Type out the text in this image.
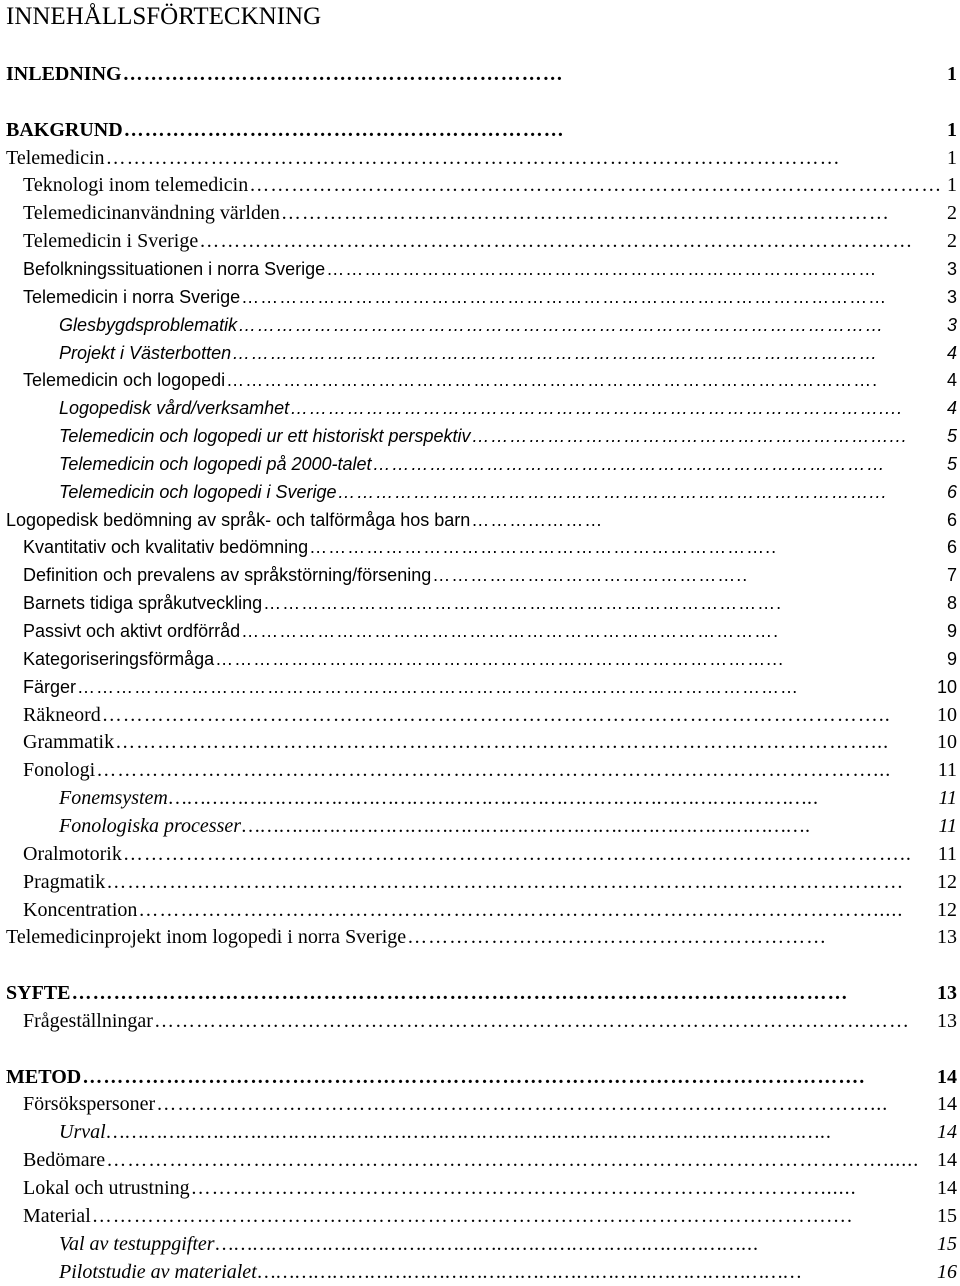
INNEHÅLLSFÖRTECKNING
INLEDNING ………………………………………………………	1
BAKGRUND ………………………………………………………	1
Telemedicin ……………………………………………………………………………………………	1
Teknologi inom telemedicin ……………………………………………………………………………………… 1
Telemedicinanvändning världen ……………………………………………………………………………	2
Telemedicin i Sverige …………………………………………………………………………………………	2
Befolkningssituationen i norra Sverige ……………………………………………………………………………	3
Telemedicin i norra Sverige …………………………………………………………………………………………	3
Glesbygdsproblematik …………………………………………………………………………………………	3
Projekt i Västerbotten …………………………………………………………………………………………	4
Telemedicin och logopedi ………………………………………………………………………………………….	4
Logopedisk vård/verksamhet …………………………………………………………………………………....	4
Telemedicin och logopedi ur ett historiskt perspektiv …………………………………………………………...	5
Telemedicin och logopedi på 2000-talet ………………………………………………………………………	5
Telemedicin och logopedi i Sverige …………………………………………………………………………...	6
Logopedisk bedömning av språk- och talförmåga hos barn ………...………	6
Kvantitativ och kvalitativ bedömning ………………………………………………………………..	6
Definition och prevalens av språkstörning/försening …………………………………………..	7
Barnets tidiga språkutveckling ……………………………………………………………………….	8
Passivt och aktivt ordförråd ………………………………………………………………………….	9
Kategoriseringsförmåga ……………………………………………………………………………...	9
Färger ……………………………………………………………………………………………………	10
Räkneord …………………………………………………………………………………………………..	10
Grammatik ………………………………………………………………………………………………...	10
Fonologi …………………………………………………………………………………………………...	11
Fonemsystem …………………………………………………………………………………………..	11
Fonologiska processer ……………………………………………………………………………….	11
Oralmotorik …………………………………………………………………………………………………..	11
Pragmatik ……………………………………………………………………………………………………	12
Koncentration …………………………………………………………………………………………….....	12
Telemedicinprojekt inom logopedi i norra Sverige ……………………………………………………	13
SYFTE …………………………………………………………………………………………………	13
Frågeställningar ………………………………………………………………………………………………	13
METOD ………………………………………………………………………………………………….	14
Försökspersoner …………………………………………………………………………………………...	14
Urval ……………………………………………………………………………………………………..	14
Bedömare …………………………………………………………………………………………………...... 14
Lokal och utrustning ………………………………………………………………………………......	14
Material …………………………………………………………………………………………….…	15
Val av testuppgifter …………………………………………………………………………...	15
Pilotstudie av materialet ……………………………………………………………………………	16
